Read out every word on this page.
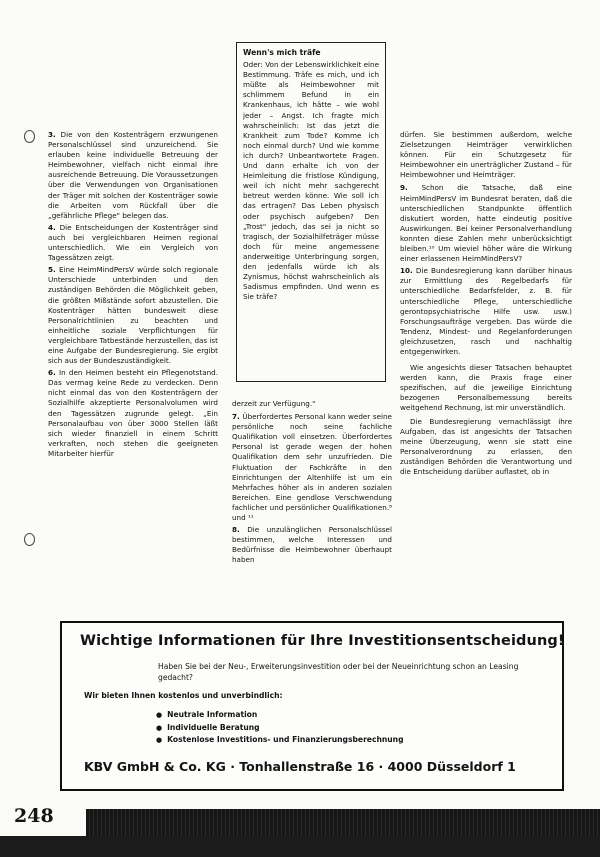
Wenn's mich träfe
Oder: Von der Lebenswirklichkeit eine Bestimmung. Träfe es mich, und ich müßte als Heimbewohner mit schlimmem Befund in ein Krankenhaus, ich hätte – wie wohl jeder – Angst. Ich fragte mich wahrscheinlich: Ist das jetzt die Krankheit zum Tode? Komme ich noch einmal durch? Und wie komme ich durch? Unbeantwortete Fragen. Und dann erhalte ich von der Heimleitung die fristlose Kündigung, weil ich nicht mehr sachgerecht betreut werden könne. Wie soll ich das ertragen? Das Leben physisch oder psychisch aufgeben? Den „Trost" jedoch, das sei ja nicht so tragisch, der Sozialhilfeträger müsse doch für meine angemessene anderweitige Unterbringung sorgen, den jedenfalls würde ich als Zynismus, höchst wahrscheinlich als Sadismus empfinden. Und wenn es Sie träfe?
3. Die von den Kostenträgern erzwungenen Personalschlüssel sind unzureichend. Sie erlauben keine individuelle Betreuung der Heimbewohner, vielfach nicht einmal ihre ausreichende Betreuung. Die Voraussetzungen über die Verwendungen von Organisationen der Träger mit solchen der Kostenträger sowie die Arbeiten vom Rückfall über die „gefährliche Pflege" belegen das.
4. Die Entscheidungen der Kostenträger sind auch bei vergleichbaren Heimen regional unterschiedlich. Wie ein Vergleich von Tagessätzen zeigt.
5. Eine HeimMindPersV würde solch regionale Unterschiede unterbinden und den zuständigen Behörden die Möglichkeit geben, die größten Mißstände sofort abzustellen. Die Kostenträger hätten bundesweit diese Personalrichtlinien zu beachten und einheitliche soziale Verpflichtungen für vergleichbare Tatbestände herzustellen, das ist eine Aufgabe der Bundesregierung. Sie ergibt sich aus der Bundeszuständigkeit.
6. In den Heimen besteht ein Pflegenotstand. Das vermag keine Rede zu verdecken. Denn nicht einmal das von den Kostenträgern der Sozialhilfe akzeptierte Personalvolumen wird den Tagessätzen zugrunde gelegt. „Ein Personalaufbau von über 3000 Stellen läßt sich wieder finanziell in einem Schritt verkraften, noch stehen die geeigneten Mitarbeiter hierfür

derzeit zur Verfügung."

7. Überfordertes Personal kann weder seine persönliche noch seine fachliche Qualifikation voll einsetzen. Überfordertes Personal ist gerade wegen der hohen Qualifikation dem sehr unzufrieden. Die Fluktuation der Fachkräfte in den Einrichtungen der Altenhilfe ist um ein Mehrfaches höher als in anderen sozialen Bereichen. Eine gendlose Verschwendung fachlicher und persönlicher Qualifikationen.⁸ und ¹¹
8. Die unzulänglichen Personalschlüssel bestimmen, welche Interessen und Bedürfnisse die Heimbewohner überhaupt haben

dürfen. Sie bestimmen außerdom, welche Zielsetzungen Heimträger verwirklichen können. Für ein Schutzgesetz für Heimbewohner ein unerträglicher Zustand – für Heimbewohner und Heimträger.

9. Schon die Tatsache, daß eine HeimMindPersV im Bundesrat beraten, daß die unterschiedlichen Standpunkte öffentlich diskutiert worden, hatte eindeutig positive Auswirkungen. Bei keiner Personalverhandlung konnten diese Zahlen mehr unberücksichtigt bleiben.¹⁰ Um wieviel höher wäre die Wirkung einer erlassenen HeimMindPersV?
10. Die Bundesregierung kann darüber hinaus zur Ermittlung des Regelbedarfs für unterschiedliche Bedarfsfelder, z. B. für unterschiedliche Pflege, unterschiedliche gerontopsychiatrische Hilfe usw. usw.) Forschungsaufträge vergeben. Das würde die Tendenz, Mindest- und Regelanforderungen gleichzusetzen, rasch und nachhaltig entgegenwirken.

Wie angesichts dieser Tatsachen behauptet werden kann, die Praxis frage einer spezifischen, auf die jeweilige Einrichtung bezogenen Personalbemessung bereits weitgehend Rechnung, ist mir unverständlich.

Die Bundesregierung vernachlässigt ihre Aufgaben, das ist angesichts der Tatsachen meine Überzeugung, wenn sie statt eine Personalverordnung zu erlassen, den zuständigen Behörden die Verantwortung und die Entscheidung darüber auflastet, ob in

Wichtige Informationen für Ihre Investitionsentscheidung!
Haben Sie bei der Neu-, Erweiterungsinvestition oder bei der Neueinrichtung schon an Leasing gedacht?
Wir bieten Ihnen kostenlos und unverbindlich:
● Neutrale Information
● Individuelle Beratung
● Kostenlose Investitions- und Finanzierungsberechnung
KBV GmbH & Co. KG · Tonhallenstraße 16 · 4000 Düsseldorf 1
248
